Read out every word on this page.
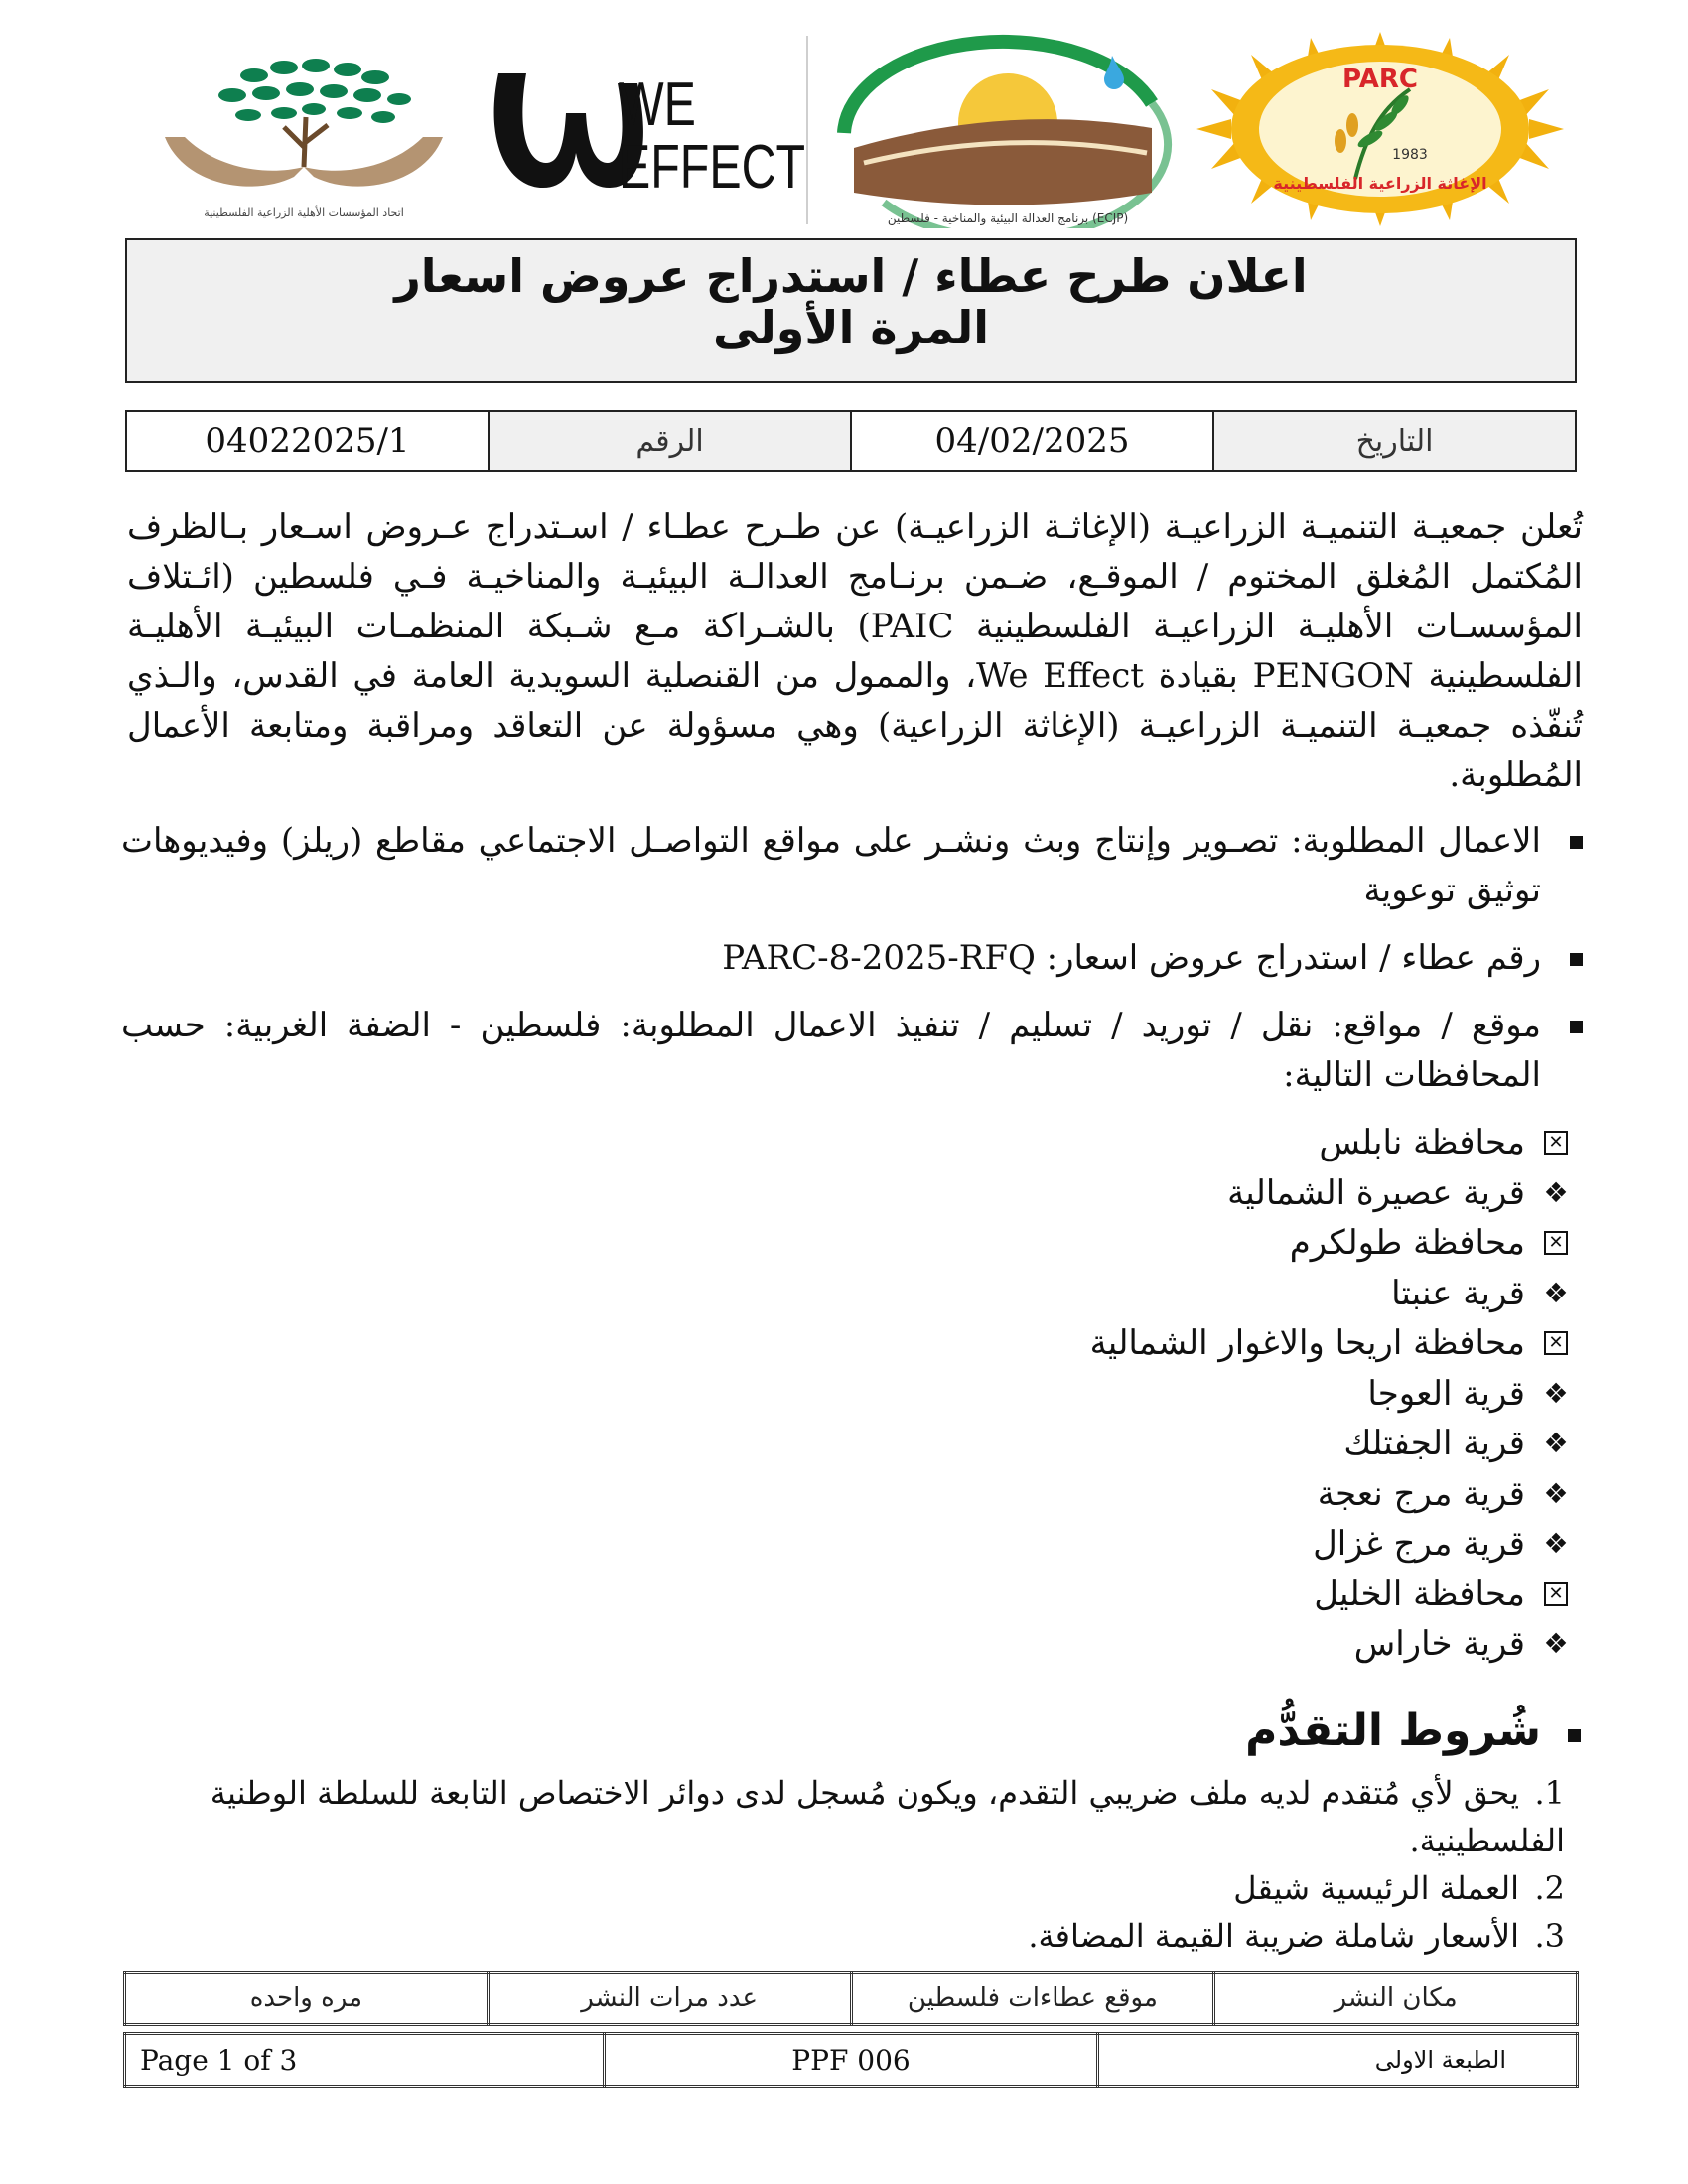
اتحاد المؤسسات الأهلية الزراعية الفلسطينية
WE
EFFECT
برنامج العدالة البيئية والمناخية - فلسطين (ECJP)
PARC
1983
الإغاثة الزراعية الفلسطينية
اعلان طرح عطاء / استدراج عروض اسعار
المرة الأولى
التاريخ	04/02/2025	الرقم	04022025/1

تُعلن جمعيـة التنميـة الزراعيـة (الإغاثـة الزراعيـة) عن طـرح عطـاء / اسـتدراج عـروض اسـعار بـالظرف المُكتمل المُغلق المختوم / الموقـع، ضـمن برنـامج العدالـة البيئيـة والمناخيـة فـي فلسطين (ائـتلاف المؤسسـات الأهليـة الزراعيـة الفلسطينية PAIC) بالشـراكة مـع شـبكة المنظمـات البيئيـة الأهليـة الفلسطينية PENGON بقيادة We Effect، والممول من القنصلية السويدية العامة في القدس، والـذي تُنفّذه جمعيـة التنميـة الزراعيـة (الإغاثة الزراعية) وهي مسؤولة عن التعاقد ومراقبة ومتابعة الأعمال المُطلوبة.

الاعمال المطلوبة: تصـوير وإنتاج وبث ونشـر على مواقع التواصـل الاجتماعي مقاطع (ريلز) وفيديوهات توثيق توعوية
رقم عطاء / استدراج عروض اسعار: PARC-8-2025-RFQ
موقع / مواقع: نقل / توريد / تسليم / تنفيذ الاعمال المطلوبة: فلسطين - الضفة الغربية: حسب المحافظات التالية:
✕
محافظة نابلس
❖
قرية عصيرة الشمالية
✕
محافظة طولكرم
❖
قرية عنبتا
✕
محافظة اريحا والاغوار الشمالية
❖
قرية العوجا
❖
قرية الجفتلك
❖
قرية مرج نعجة
❖
قرية مرج غزال
✕
محافظة الخليل
❖
قرية خاراس
شُروط التقدُّم
1.يحق لأي مُتقدم لديه ملف ضريبي التقدم، ويكون مُسجل لدى دوائر الاختصاص التابعة للسلطة الوطنية الفلسطينية.
2.العملة الرئيسية شيقل
3.الأسعار شاملة ضريبة القيمة المضافة.
مكان النشر	موقع عطاءات فلسطين	عدد مرات النشر	مره واحده
Page 1 of 3	PPF 006	الطبعة الاولى
